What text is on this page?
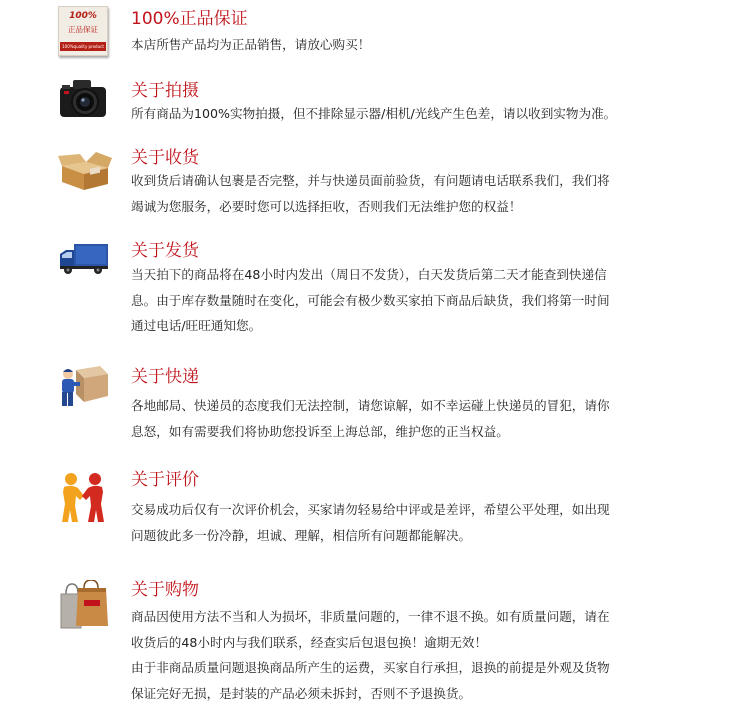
100%
正品保证
100%quality product
100%正品保证

本店所售产品均为正品销售，请放心购买！

关于拍摄

所有商品为100%实物拍摄，但不排除显示器/相机/光线产生色差，请以收到实物为准。

关于收货

收到货后请确认包裹是否完整，并与快递员面前验货，有问题请电话联系我们，我们将

竭诚为您服务，必要时您可以选择拒收，否则我们无法维护您的权益！

关于发货

当天拍下的商品将在48小时内发出（周日不发货），白天发货后第二天才能查到快递信

息。由于库存数量随时在变化，可能会有极少数买家拍下商品后缺货，我们将第一时间

通过电话/旺旺通知您。

关于快递

各地邮局、快递员的态度我们无法控制，请您谅解，如不幸运碰上快递员的冒犯，请你

息怒，如有需要我们将协助您投诉至上海总部，维护您的正当权益。

关于评价

交易成功后仅有一次评价机会，买家请勿轻易给中评或是差评，希望公平处理，如出现

问题彼此多一份冷静，坦诚、理解，相信所有问题都能解决。

关于购物

商品因使用方法不当和人为损坏，非质量问题的，一律不退不换。如有质量问题，请在

收货后的48小时内与我们联系，经查实后包退包换！逾期无效！

由于非商品质量问题退换商品所产生的运费，买家自行承担，退换的前提是外观及货物

保证完好无损，是封装的产品必须未拆封，否则不予退换货。
